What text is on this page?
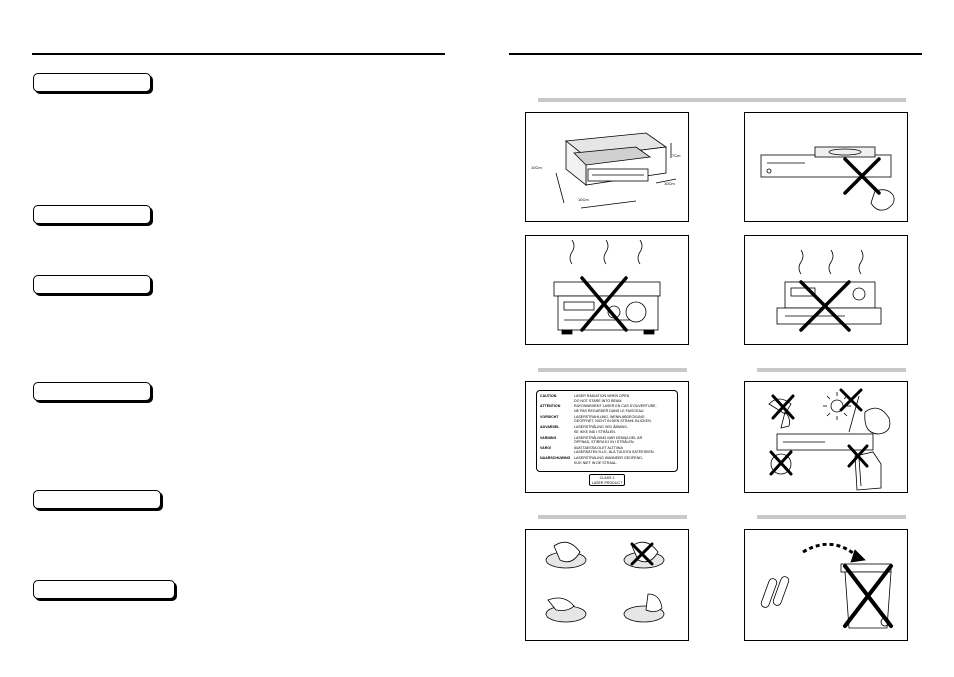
10Cm
10Cm
7Cm
10Cm
CAUTION	LASER RADIATION WHEN OPEN
DO NOT STARE INTO BEAM.
ATTENTION	RAYONNEMENT LASER EN CAS D'OUVERTURE,
NE PAS REGARDER DANS LE FAISCEAU.
VORSICHT	LASERSTRAHLUNG, WENN ABDECKUNG
GEÖFFNET, NICHT IN DEN STRAHL BLICKEN.
ADVARSEL	LASERSTRÅLING VED ÅBNING,
SE IKKE IND I STRÅLEN.
VARNING	LASERSTRÅLNING NÄR DENNA DEL ÄR
ÖPPNAD, STIRRA EJ IN I STRÅLEN.
VARO!	AVATTAESSA OLET ALTTIINA
LASERSÄTEILYLLE, ÄLÄ TUIJOTA SÄTEESEEN.
NAARSCHUWING	LASERSTRALING WANNEER GEOPEND,
KIJK NIET IN DE STRAAL.
CLASS 1
LASER PRODUCT
